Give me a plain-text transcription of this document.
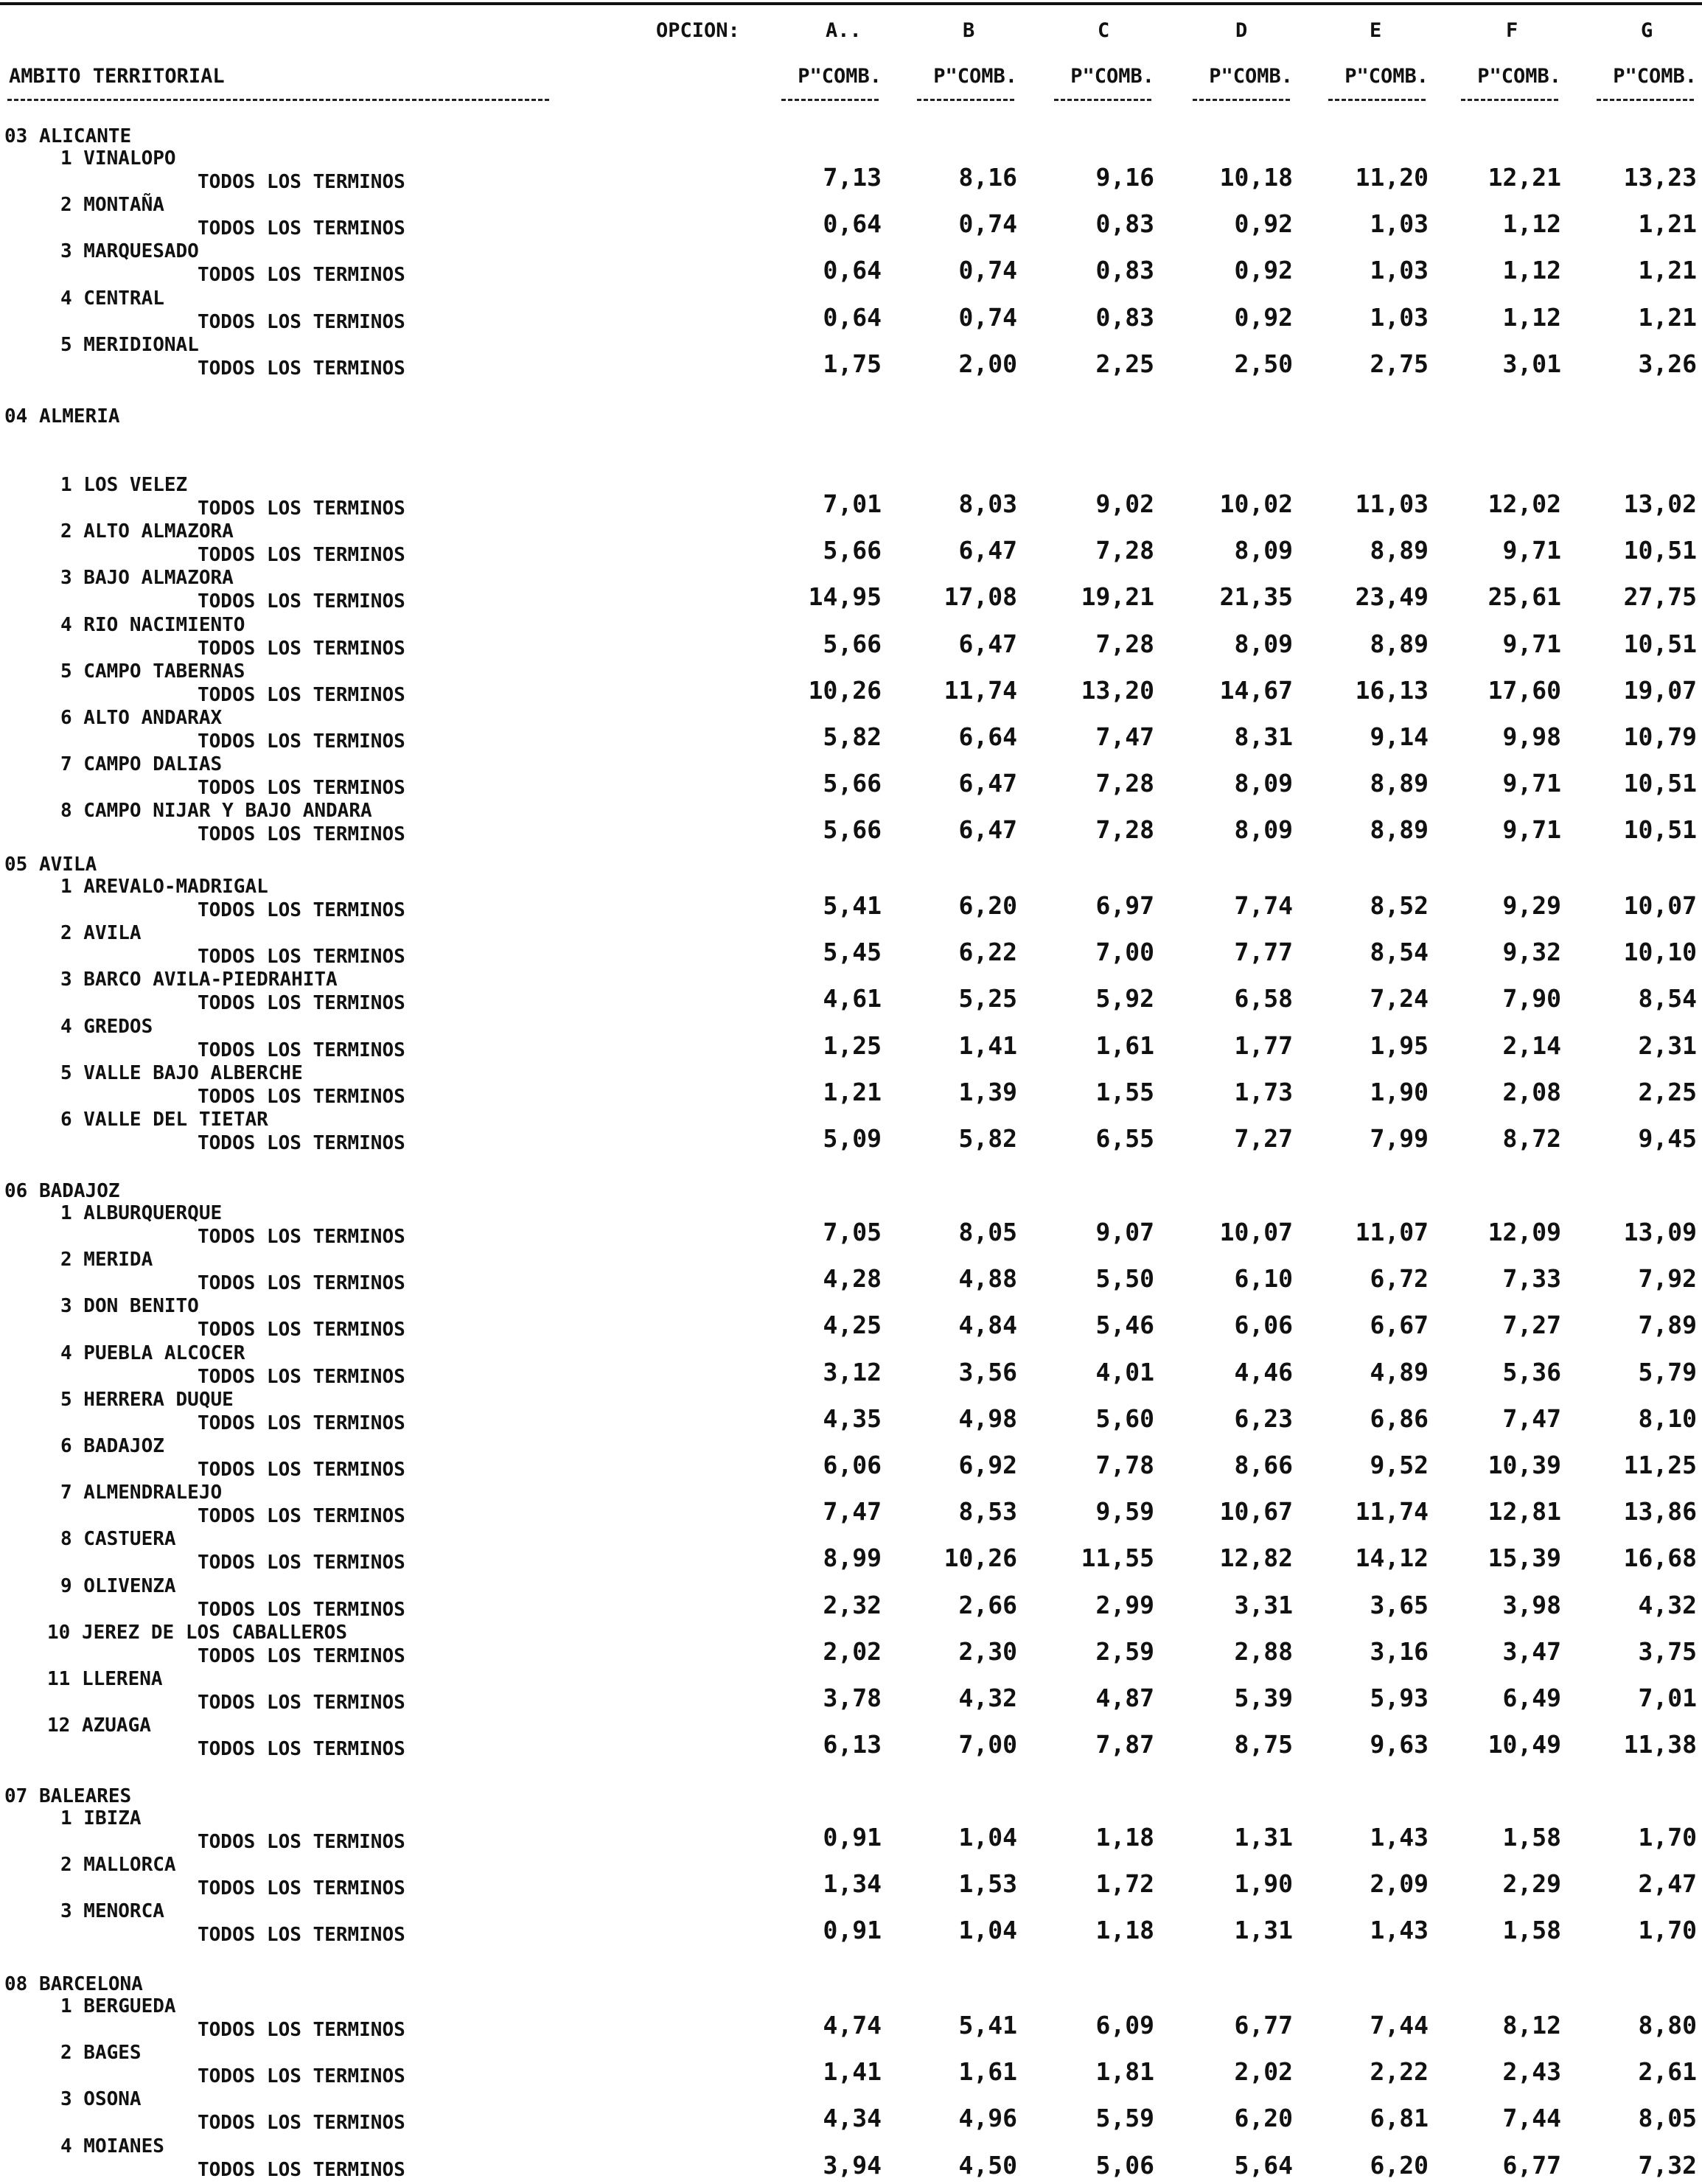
OPCION:	A..	B	C	D	E	F	G
AMBITO TERRITORIAL	P"COMB.	P"COMB.	P"COMB.	P"COMB.	P"COMB.	P"COMB.	P"COMB.
03 ALICANTE
1 VINALOPO
TODOS LOS TERMINOS	7,13	8,16	9,16	10,18	11,20	12,21	13,23
2 MONTAÑA
TODOS LOS TERMINOS	0,64	0,74	0,83	0,92	1,03	1,12	1,21
3 MARQUESADO
TODOS LOS TERMINOS	0,64	0,74	0,83	0,92	1,03	1,12	1,21
4 CENTRAL
TODOS LOS TERMINOS	0,64	0,74	0,83	0,92	1,03	1,12	1,21
5 MERIDIONAL
TODOS LOS TERMINOS	1,75	2,00	2,25	2,50	2,75	3,01	3,26
04 ALMERIA
1 LOS VELEZ
TODOS LOS TERMINOS	7,01	8,03	9,02	10,02	11,03	12,02	13,02
2 ALTO ALMAZORA
TODOS LOS TERMINOS	5,66	6,47	7,28	8,09	8,89	9,71	10,51
3 BAJO ALMAZORA
TODOS LOS TERMINOS	14,95	17,08	19,21	21,35	23,49	25,61	27,75
4 RIO NACIMIENTO
TODOS LOS TERMINOS	5,66	6,47	7,28	8,09	8,89	9,71	10,51
5 CAMPO TABERNAS
TODOS LOS TERMINOS	10,26	11,74	13,20	14,67	16,13	17,60	19,07
6 ALTO ANDARAX
TODOS LOS TERMINOS	5,82	6,64	7,47	8,31	9,14	9,98	10,79
7 CAMPO DALIAS
TODOS LOS TERMINOS	5,66	6,47	7,28	8,09	8,89	9,71	10,51
8 CAMPO NIJAR Y BAJO ANDARA
TODOS LOS TERMINOS	5,66	6,47	7,28	8,09	8,89	9,71	10,51
05 AVILA
1 AREVALO-MADRIGAL
TODOS LOS TERMINOS	5,41	6,20	6,97	7,74	8,52	9,29	10,07
2 AVILA
TODOS LOS TERMINOS	5,45	6,22	7,00	7,77	8,54	9,32	10,10
3 BARCO AVILA-PIEDRAHITA
TODOS LOS TERMINOS	4,61	5,25	5,92	6,58	7,24	7,90	8,54
4 GREDOS
TODOS LOS TERMINOS	1,25	1,41	1,61	1,77	1,95	2,14	2,31
5 VALLE BAJO ALBERCHE
TODOS LOS TERMINOS	1,21	1,39	1,55	1,73	1,90	2,08	2,25
6 VALLE DEL TIETAR
TODOS LOS TERMINOS	5,09	5,82	6,55	7,27	7,99	8,72	9,45
06 BADAJOZ
1 ALBURQUERQUE
TODOS LOS TERMINOS	7,05	8,05	9,07	10,07	11,07	12,09	13,09
2 MERIDA
TODOS LOS TERMINOS	4,28	4,88	5,50	6,10	6,72	7,33	7,92
3 DON BENITO
TODOS LOS TERMINOS	4,25	4,84	5,46	6,06	6,67	7,27	7,89
4 PUEBLA ALCOCER
TODOS LOS TERMINOS	3,12	3,56	4,01	4,46	4,89	5,36	5,79
5 HERRERA DUQUE
TODOS LOS TERMINOS	4,35	4,98	5,60	6,23	6,86	7,47	8,10
6 BADAJOZ
TODOS LOS TERMINOS	6,06	6,92	7,78	8,66	9,52	10,39	11,25
7 ALMENDRALEJO
TODOS LOS TERMINOS	7,47	8,53	9,59	10,67	11,74	12,81	13,86
8 CASTUERA
TODOS LOS TERMINOS	8,99	10,26	11,55	12,82	14,12	15,39	16,68
9 OLIVENZA
TODOS LOS TERMINOS	2,32	2,66	2,99	3,31	3,65	3,98	4,32
10 JEREZ DE LOS CABALLEROS
TODOS LOS TERMINOS	2,02	2,30	2,59	2,88	3,16	3,47	3,75
11 LLERENA
TODOS LOS TERMINOS	3,78	4,32	4,87	5,39	5,93	6,49	7,01
12 AZUAGA
TODOS LOS TERMINOS	6,13	7,00	7,87	8,75	9,63	10,49	11,38
07 BALEARES
1 IBIZA
TODOS LOS TERMINOS	0,91	1,04	1,18	1,31	1,43	1,58	1,70
2 MALLORCA
TODOS LOS TERMINOS	1,34	1,53	1,72	1,90	2,09	2,29	2,47
3 MENORCA
TODOS LOS TERMINOS	0,91	1,04	1,18	1,31	1,43	1,58	1,70
08 BARCELONA
1 BERGUEDA
TODOS LOS TERMINOS	4,74	5,41	6,09	6,77	7,44	8,12	8,80
2 BAGES
TODOS LOS TERMINOS	1,41	1,61	1,81	2,02	2,22	2,43	2,61
3 OSONA
TODOS LOS TERMINOS	4,34	4,96	5,59	6,20	6,81	7,44	8,05
4 MOIANES
TODOS LOS TERMINOS	3,94	4,50	5,06	5,64	6,20	6,77	7,32
